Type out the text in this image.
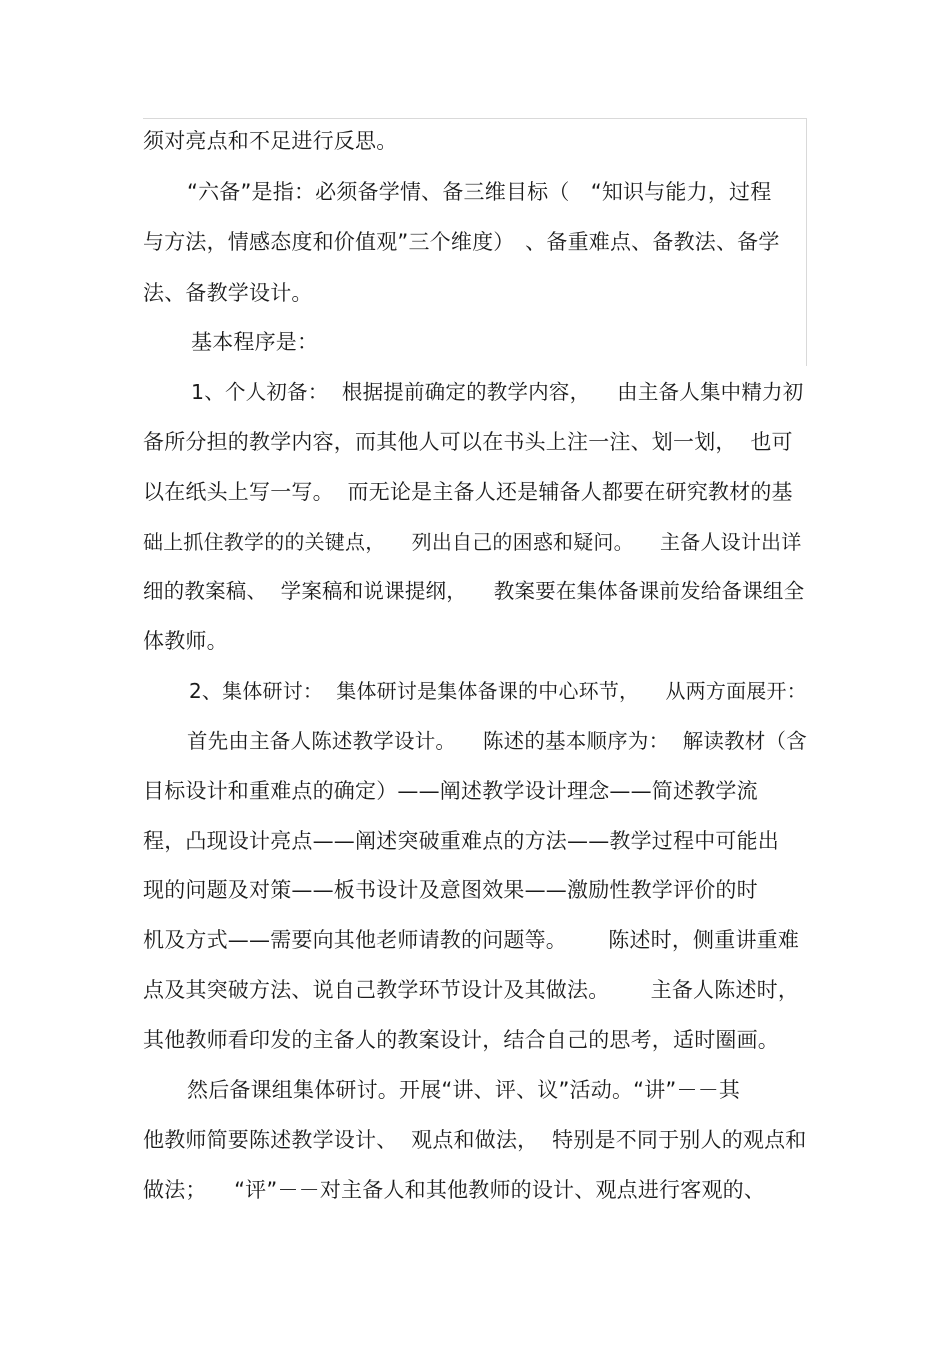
须对亮点和不足进行反思。
“六备”是指：必须备学情、备三维目标（　“知识与能力，过程
与方法，情感态度和价值观”三个维度）　、备重难点、备教法、备学
法、备教学设计。
基本程序是：
1、个人初备：  根据提前确定的教学内容，    由主备人集中精力初
备所分担的教学内容，而其他人可以在书头上注一注、划一划，  也可
以在纸头上写一写。  而无论是主备人还是辅备人都要在研究教材的基
础上抓住教学的的关键点，    列出自己的困惑和疑问。    主备人设计出详
细的教案稿、  学案稿和说课提纲，    教案要在集体备课前发给备课组全
体教师。
2、集体研讨：  集体研讨是集体备课的中心环节，    从两方面展开：
首先由主备人陈述教学设计。    陈述的基本顺序为：  解读教材（含
目标设计和重难点的确定）——阐述教学设计理念——简述教学流
程，凸现设计亮点——阐述突破重难点的方法——教学过程中可能出
现的问题及对策——板书设计及意图效果——激励性教学评价的时
机及方式——需要向其他老师请教的问题等。      陈述时，侧重讲重难
点及其突破方法、说自己教学环节设计及其做法。      主备人陈述时，
其他教师看印发的主备人的教案设计，结合自己的思考，适时圈画。
然后备课组集体研讨。开展“讲、评、议”活动。“讲”－－其
他教师简要陈述教学设计、  观点和做法，  特别是不同于别人的观点和
做法；    “评”－－对主备人和其他教师的设计、观点进行客观的、
